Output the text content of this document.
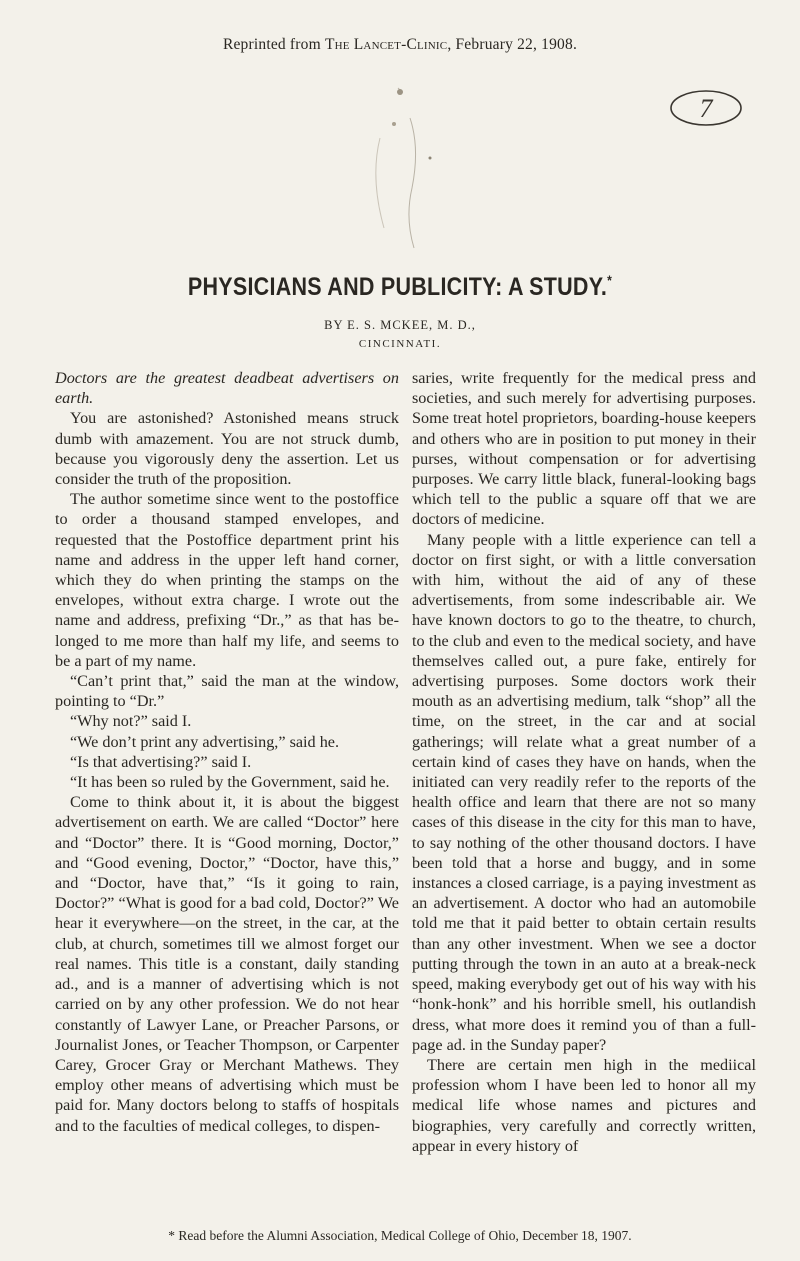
Reprinted from The Lancet-Clinic, February 22, 1908.
7
PHYSICIANS AND PUBLICITY: A STUDY.*
BY E. S. MCKEE, M. D.,
CINCINNATI.

Doctors are the greatest deadbeat advertisers on earth.

You are astonished? Astonished means struck dumb with amazement. You are not struck dumb, because you vigorously deny the assertion. Let us consider the truth of the proposition.

The author sometime since went to the postoffice to order a thousand stamped envelopes, and requested that the Postoffice department print his name and address in the upper left hand corner, which they do when printing the stamps on the envelopes, without extra charge. I wrote out the name and address, prefixing “Dr.,” as that has belonged to me more than half my life, and seems to be a part of my name.

“Can’t print that,” said the man at the window, pointing to “Dr.”

“Why not?” said I.

“We don’t print any advertising,” said he.

“Is that advertising?” said I.

“It has been so ruled by the Government, said he.

Come to think about it, it is about the biggest advertisement on earth. We are called “Doctor” here and “Doctor” there. It is “Good morning, Doctor,” and “Good evening, Doctor,” “Doctor, have this,” and “Doctor, have that,” “Is it going to rain, Doctor?” “What is good for a bad cold, Doctor?” We hear it everywhere—on the street, in the car, at the club, at church, sometimes till we almost forget our real names. This title is a constant, daily standing ad., and is a manner of advertising which is not carried on by any other profession. We do not hear constantly of Lawyer Lane, or Preacher Parsons, or Journalist Jones, or Teacher Thompson, or Carpenter Carey, Grocer Gray or Merchant Mathews. They employ other means of advertising which must be paid for. Many doctors belong to staffs of hospitals and to the faculties of medical colleges, to dispen-

saries, write frequently for the medical press and societies, and such merely for advertising purposes. Some treat hotel proprietors, boarding-house keepers and others who are in position to put money in their purses, without compensation or for advertising purposes. We carry little black, funeral-looking bags which tell to the public a square off that we are doctors of medicine.

Many people with a little experience can tell a doctor on first sight, or with a little conversation with him, without the aid of any of these advertisements, from some indescribable air. We have known doctors to go to the theatre, to church, to the club and even to the medical society, and have themselves called out, a pure fake, entirely for advertising purposes. Some doctors work their mouth as an advertising medium, talk “shop” all the time, on the street, in the car and at social gatherings; will relate what a great number of a certain kind of cases they have on hands, when the initiated can very readily refer to the reports of the health office and learn that there are not so many cases of this disease in the city for this man to have, to say nothing of the other thousand doctors. I have been told that a horse and buggy, and in some instances a closed carriage, is a paying investment as an advertisement. A doctor who had an automobile told me that it paid better to obtain certain results than any other investment. When we see a doctor putting through the town in an auto at a break-neck speed, making everybody get out of his way with his “honk-honk” and his horrible smell, his outlandish dress, what more does it remind you of than a full-page ad. in the Sunday paper?

There are certain men high in the mediical profession whom I have been led to honor all my medical life whose names and pictures and biographies, very carefully and correctly written, appear in every history of

* Read before the Alumni Association, Medical College of Ohio, December 18, 1907.
